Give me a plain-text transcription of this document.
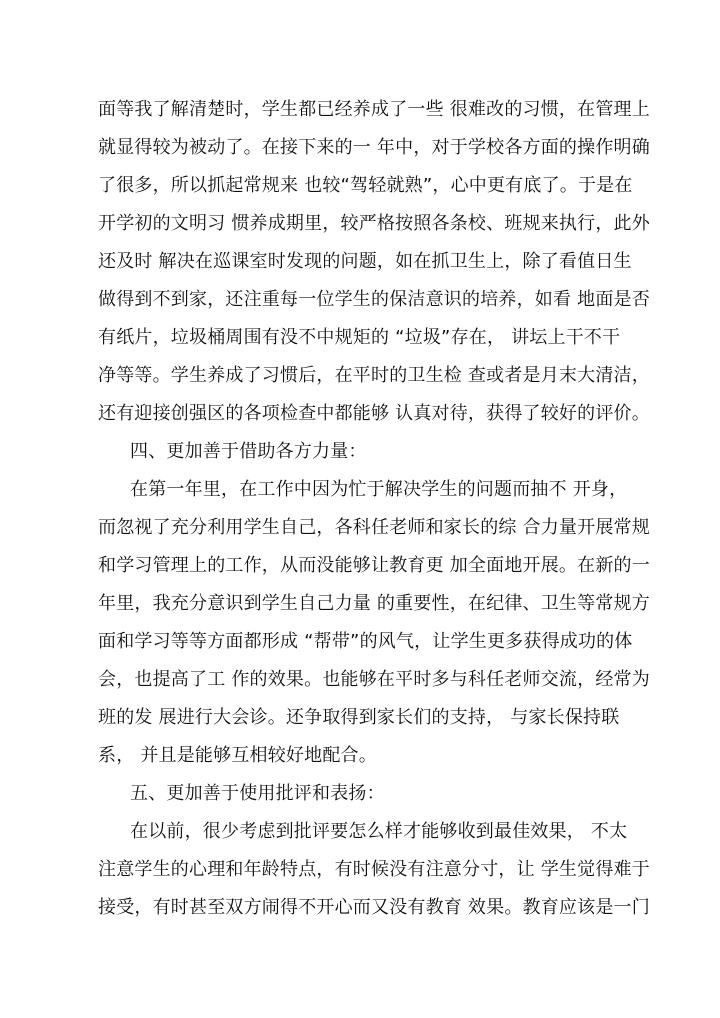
面等我了解清楚时，学生都已经养成了一些 很难改的习惯，在管理上
就显得较为被动了。在接下来的一 年中，对于学校各方面的操作明确
了很多，所以抓起常规来 也较“驾轻就熟”，心中更有底了。于是在
开学初的文明习 惯养成期里，较严格按照各条校、班规来执行，此外
还及时 解决在巡课室时发现的问题，如在抓卫生上，除了看值日生
做得到不到家，还注重每一位学生的保洁意识的培养，如看 地面是否
有纸片，垃圾桶周围有没不中规矩的 “垃圾”存在， 讲坛上干不干
净等等。学生养成了习惯后，在平时的卫生检 查或者是月末大清洁，
还有迎接创强区的各项检查中都能够 认真对待，获得了较好的评价。
四、更加善于借助各方力量：
在第一年里，在工作中因为忙于解决学生的问题而抽不 开身，
而忽视了充分利用学生自己，各科任老师和家长的综 合力量开展常规
和学习管理上的工作，从而没能够让教育更 加全面地开展。在新的一
年里，我充分意识到学生自己力量 的重要性，在纪律、卫生等常规方
面和学习等等方面都形成 “帮带”的风气，让学生更多获得成功的体
会，也提高了工 作的效果。也能够在平时多与科任老师交流，经常为
班的发 展进行大会诊。还争取得到家长们的支持， 与家长保持联
系， 并且是能够互相较好地配合。
五、更加善于使用批评和表扬：
在以前，很少考虑到批评要怎么样才能够收到最佳效果， 不太
注意学生的心理和年龄特点，有时候没有注意分寸，让 学生觉得难于
接受，有时甚至双方闹得不开心而又没有教育 效果。教育应该是一门
